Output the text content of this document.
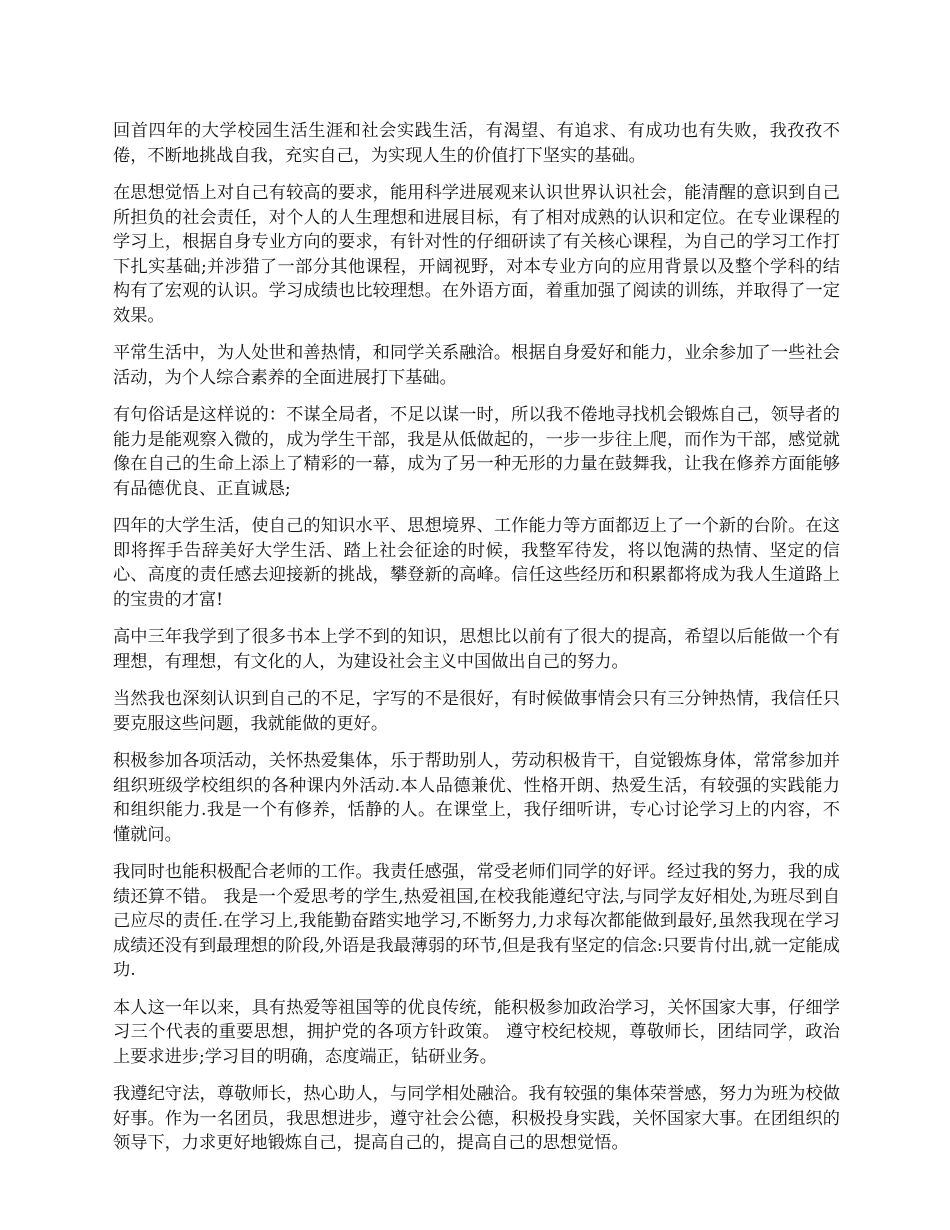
回首四年的大学校园生活生涯和社会实践生活，有渴望、有追求、有成功也有失败，我孜孜不倦，不断地挑战自我，充实自己，为实现人生的价值打下坚实的基础。

在思想觉悟上对自己有较高的要求，能用科学进展观来认识世界认识社会，能清醒的意识到自己所担负的社会责任，对个人的人生理想和进展目标，有了相对成熟的认识和定位。在专业课程的学习上，根据自身专业方向的要求，有针对性的仔细研读了有关核心课程，为自己的学习工作打下扎实基础;并涉猎了一部分其他课程，开阔视野，对本专业方向的应用背景以及整个学科的结构有了宏观的认识。学习成绩也比较理想。在外语方面，着重加强了阅读的训练，并取得了一定效果。

平常生活中，为人处世和善热情，和同学关系融洽。根据自身爱好和能力，业余参加了一些社会活动，为个人综合素养的全面进展打下基础。

有句俗话是这样说的：不谋全局者，不足以谋一时，所以我不倦地寻找机会锻炼自己，领导者的能力是能观察入微的，成为学生干部，我是从低做起的，一步一步往上爬，而作为干部，感觉就像在自己的生命上添上了精彩的一幕，成为了另一种无形的力量在鼓舞我，让我在修养方面能够有品德优良、正直诚恳;

四年的大学生活，使自己的知识水平、思想境界、工作能力等方面都迈上了一个新的台阶。在这即将挥手告辞美好大学生活、踏上社会征途的时候，我整军待发，将以饱满的热情、坚定的信心、高度的责任感去迎接新的挑战，攀登新的高峰。信任这些经历和积累都将成为我人生道路上的宝贵的才富!

高中三年我学到了很多书本上学不到的知识，思想比以前有了很大的提高，希望以后能做一个有理想，有理想，有文化的人，为建设社会主义中国做出自己的努力。

当然我也深刻认识到自己的不足，字写的不是很好，有时候做事情会只有三分钟热情，我信任只要克服这些问题，我就能做的更好。

积极参加各项活动，关怀热爱集体，乐于帮助别人，劳动积极肯干，自觉锻炼身体，常常参加并组织班级学校组织的各种课内外活动.本人品德兼优、性格开朗、热爱生活，有较强的实践能力和组织能力.我是一个有修养，恬静的人。在课堂上，我仔细听讲，专心讨论学习上的内容，不懂就问。

我同时也能积极配合老师的工作。我责任感强，常受老师们同学的好评。经过我的努力，我的成绩还算不错。 我是一个爱思考的学生,热爱祖国,在校我能遵纪守法,与同学友好相处,为班尽到自己应尽的责任.在学习上,我能勤奋踏实地学习,不断努力,力求每次都能做到最好,虽然我现在学习成绩还没有到最理想的阶段,外语是我最薄弱的环节,但是我有坚定的信念:只要肯付出,就一定能成功.

本人这一年以来，具有热爱等祖国等的优良传统，能积极参加政治学习，关怀国家大事，仔细学习三个代表的重要思想，拥护党的各项方针政策。 遵守校纪校规，尊敬师长，团结同学，政治上要求进步;学习目的明确，态度端正，钻研业务。

我遵纪守法，尊敬师长，热心助人，与同学相处融洽。我有较强的集体荣誉感，努力为班为校做好事。作为一名团员，我思想进步，遵守社会公德，积极投身实践，关怀国家大事。在团组织的领导下，力求更好地锻炼自己，提高自己的，提高自己的思想觉悟。
